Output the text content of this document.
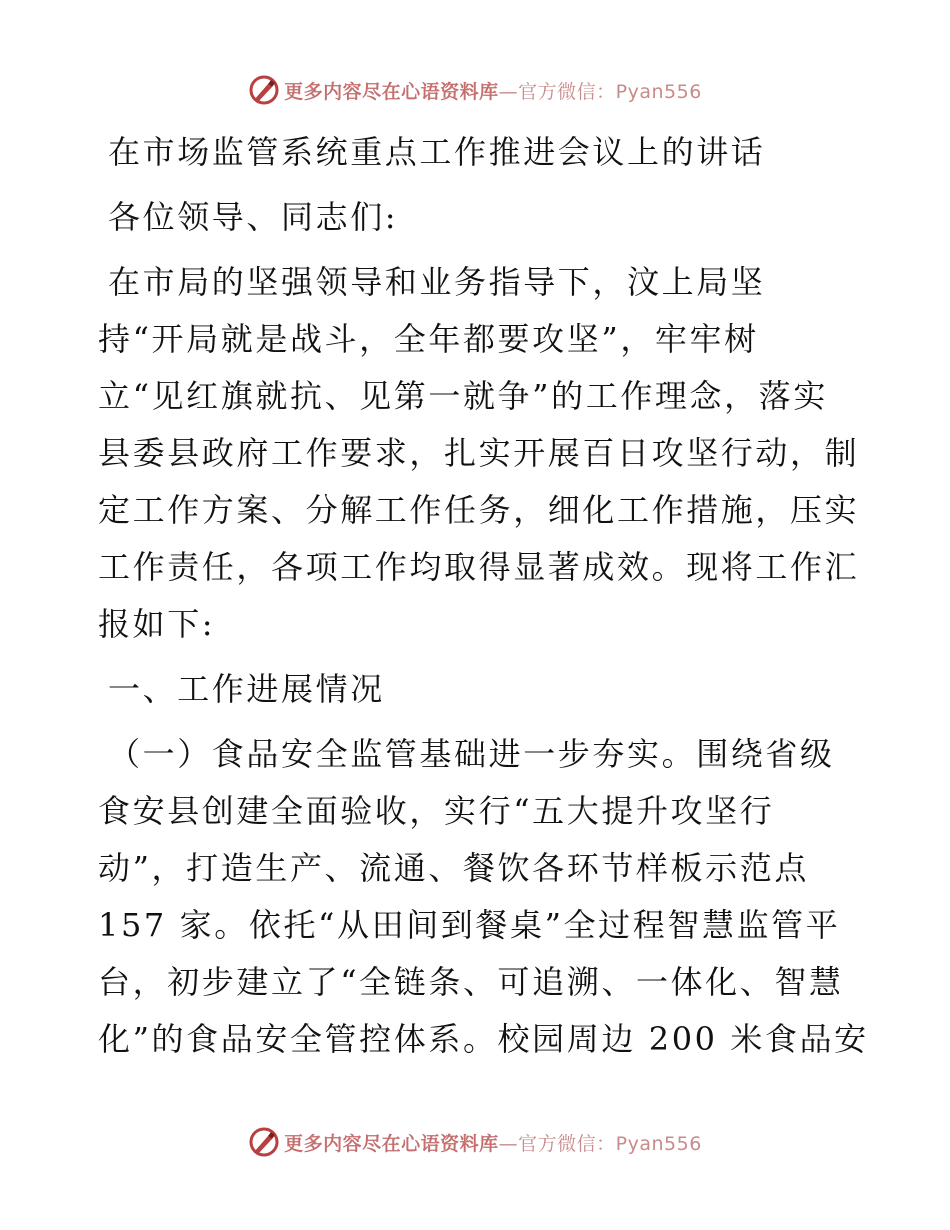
更多内容尽在心语资料库—官方微信：Pyan556

在市场监管系统重点工作推进会议上的讲话

各位领导、同志们:

在市局的坚强领导和业务指导下，汶上局坚

持“开局就是战斗，全年都要攻坚”，牢牢树

立“见红旗就抗、见第一就争”的工作理念，落实

县委县政府工作要求，扎实开展百日攻坚行动，制

定工作方案、分解工作任务，细化工作措施，压实

工作责任，各项工作均取得显著成效。现将工作汇

报如下:

一、工作进展情况

（一）食品安全监管基础进一步夯实。围绕省级

食安县创建全面验收，实行“五大提升攻坚行

动”，打造生产、流通、餐饮各环节样板示范点

157 家。依托“从田间到餐桌”全过程智慧监管平

台，初步建立了“全链条、可追溯、一体化、智慧

化”的食品安全管控体系。校园周边 200 米食品安

更多内容尽在心语资料库—官方微信：Pyan556
